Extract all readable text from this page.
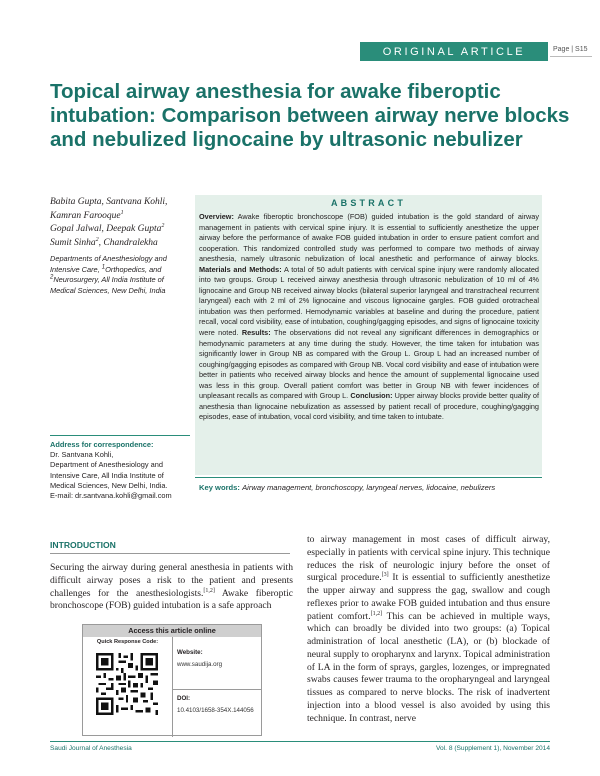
ORIGINAL ARTICLE	Page | S15
Topical airway anesthesia for awake fiberoptic intubation: Comparison between airway nerve blocks and nebulized lignocaine by ultrasonic nebulizer
Babita Gupta, Santvana Kohli,
Kamran Farooque$^1$
Gopal Jalwal, Deepak Gupta$^2$
Sumit Sinha$^2$, Chandralekha
Departments of Anesthesiology and Intensive Care, $^1$Orthopedics, and $^2$Neurosurgery, All India Institute of Medical Sciences, New Delhi, India
Address for correspondence:
Dr. Santvana Kohli,
Department of Anesthesiology and
Intensive Care, All India Institute of
Medical Sciences, New Delhi, India.
E-mail: dr.santvana.kohli@gmail.com
ABSTRACT

Overview: Awake fiberoptic bronchoscope (FOB) guided intubation is the gold standard of airway management in patients with cervical spine injury. It is essential to sufficiently anesthetize the upper airway before the performance of awake FOB guided intubation in order to ensure patient comfort and cooperation. This randomized controlled study was performed to compare two methods of airway anesthesia, namely ultrasonic nebulization of local anesthetic and performance of airway blocks. Materials and Methods: A total of 50 adult patients with cervical spine injury were randomly allocated into two groups. Group L received airway anesthesia through ultrasonic nebulization of 10 ml of 4% lignocaine and Group NB received airway blocks (bilateral superior laryngeal and transtracheal recurrent laryngeal) each with 2 ml of 2% lignocaine and viscous lignocaine gargles. FOB guided orotracheal intubation was then performed. Hemodynamic variables at baseline and during the procedure, patient recall, vocal cord visibility, ease of intubation, coughing/gagging episodes, and signs of lignocaine toxicity were noted. Results: The observations did not reveal any significant differences in demographics or hemodynamic parameters at any time during the study. However, the time taken for intubation was significantly lower in Group NB as compared with the Group L. Group L had an increased number of coughing/gagging episodes as compared with Group NB. Vocal cord visibility and ease of intubation were better in patients who received airway blocks and hence the amount of supplemental lignocaine used was less in this group. Overall patient comfort was better in Group NB with fewer incidences of unpleasant recalls as compared with Group L. Conclusion: Upper airway blocks provide better quality of anesthesia than lignocaine nebulization as assessed by patient recall of procedure, coughing/gagging episodes, ease of intubation, vocal cord visibility, and time taken to intubate.

Key words: Airway management, bronchoscopy, laryngeal nerves, lidocaine, nebulizers
INTRODUCTION

Securing the airway during general anesthesia in patients with difficult airway poses a risk to the patient and presents challenges for the anesthesiologists.[1,2] Awake fiberoptic bronchoscope (FOB) guided intubation is a safe approach

to airway management in most cases of difficult airway, especially in patients with cervical spine injury. This technique reduces the risk of neurologic injury before the onset of surgical procedure.[3] It is essential to sufficiently anesthetize the upper airway and suppress the gag, swallow and cough reflexes prior to awake FOB guided intubation and thus ensure patient comfort.[1,2] This can be achieved in multiple ways, which can broadly be divided into two groups: (a) Topical administration of local anesthetic (LA), or (b) blockade of neural supply to oropharynx and larynx. Topical administration of LA in the form of sprays, gargles, lozenges, or impregnated swabs causes fewer trauma to the oropharyngeal and laryngeal tissues as compared to nerve blocks. The risk of inadvertent injection into a blood vessel is also avoided by using this technique. In contrast, nerve

Access this article online
Quick Response Code:
Website:
www.saudija.org
DOI:
10.4103/1658-354X.144056
Saudi Journal of Anesthesia	Vol. 8 (Supplement 1), November 2014
